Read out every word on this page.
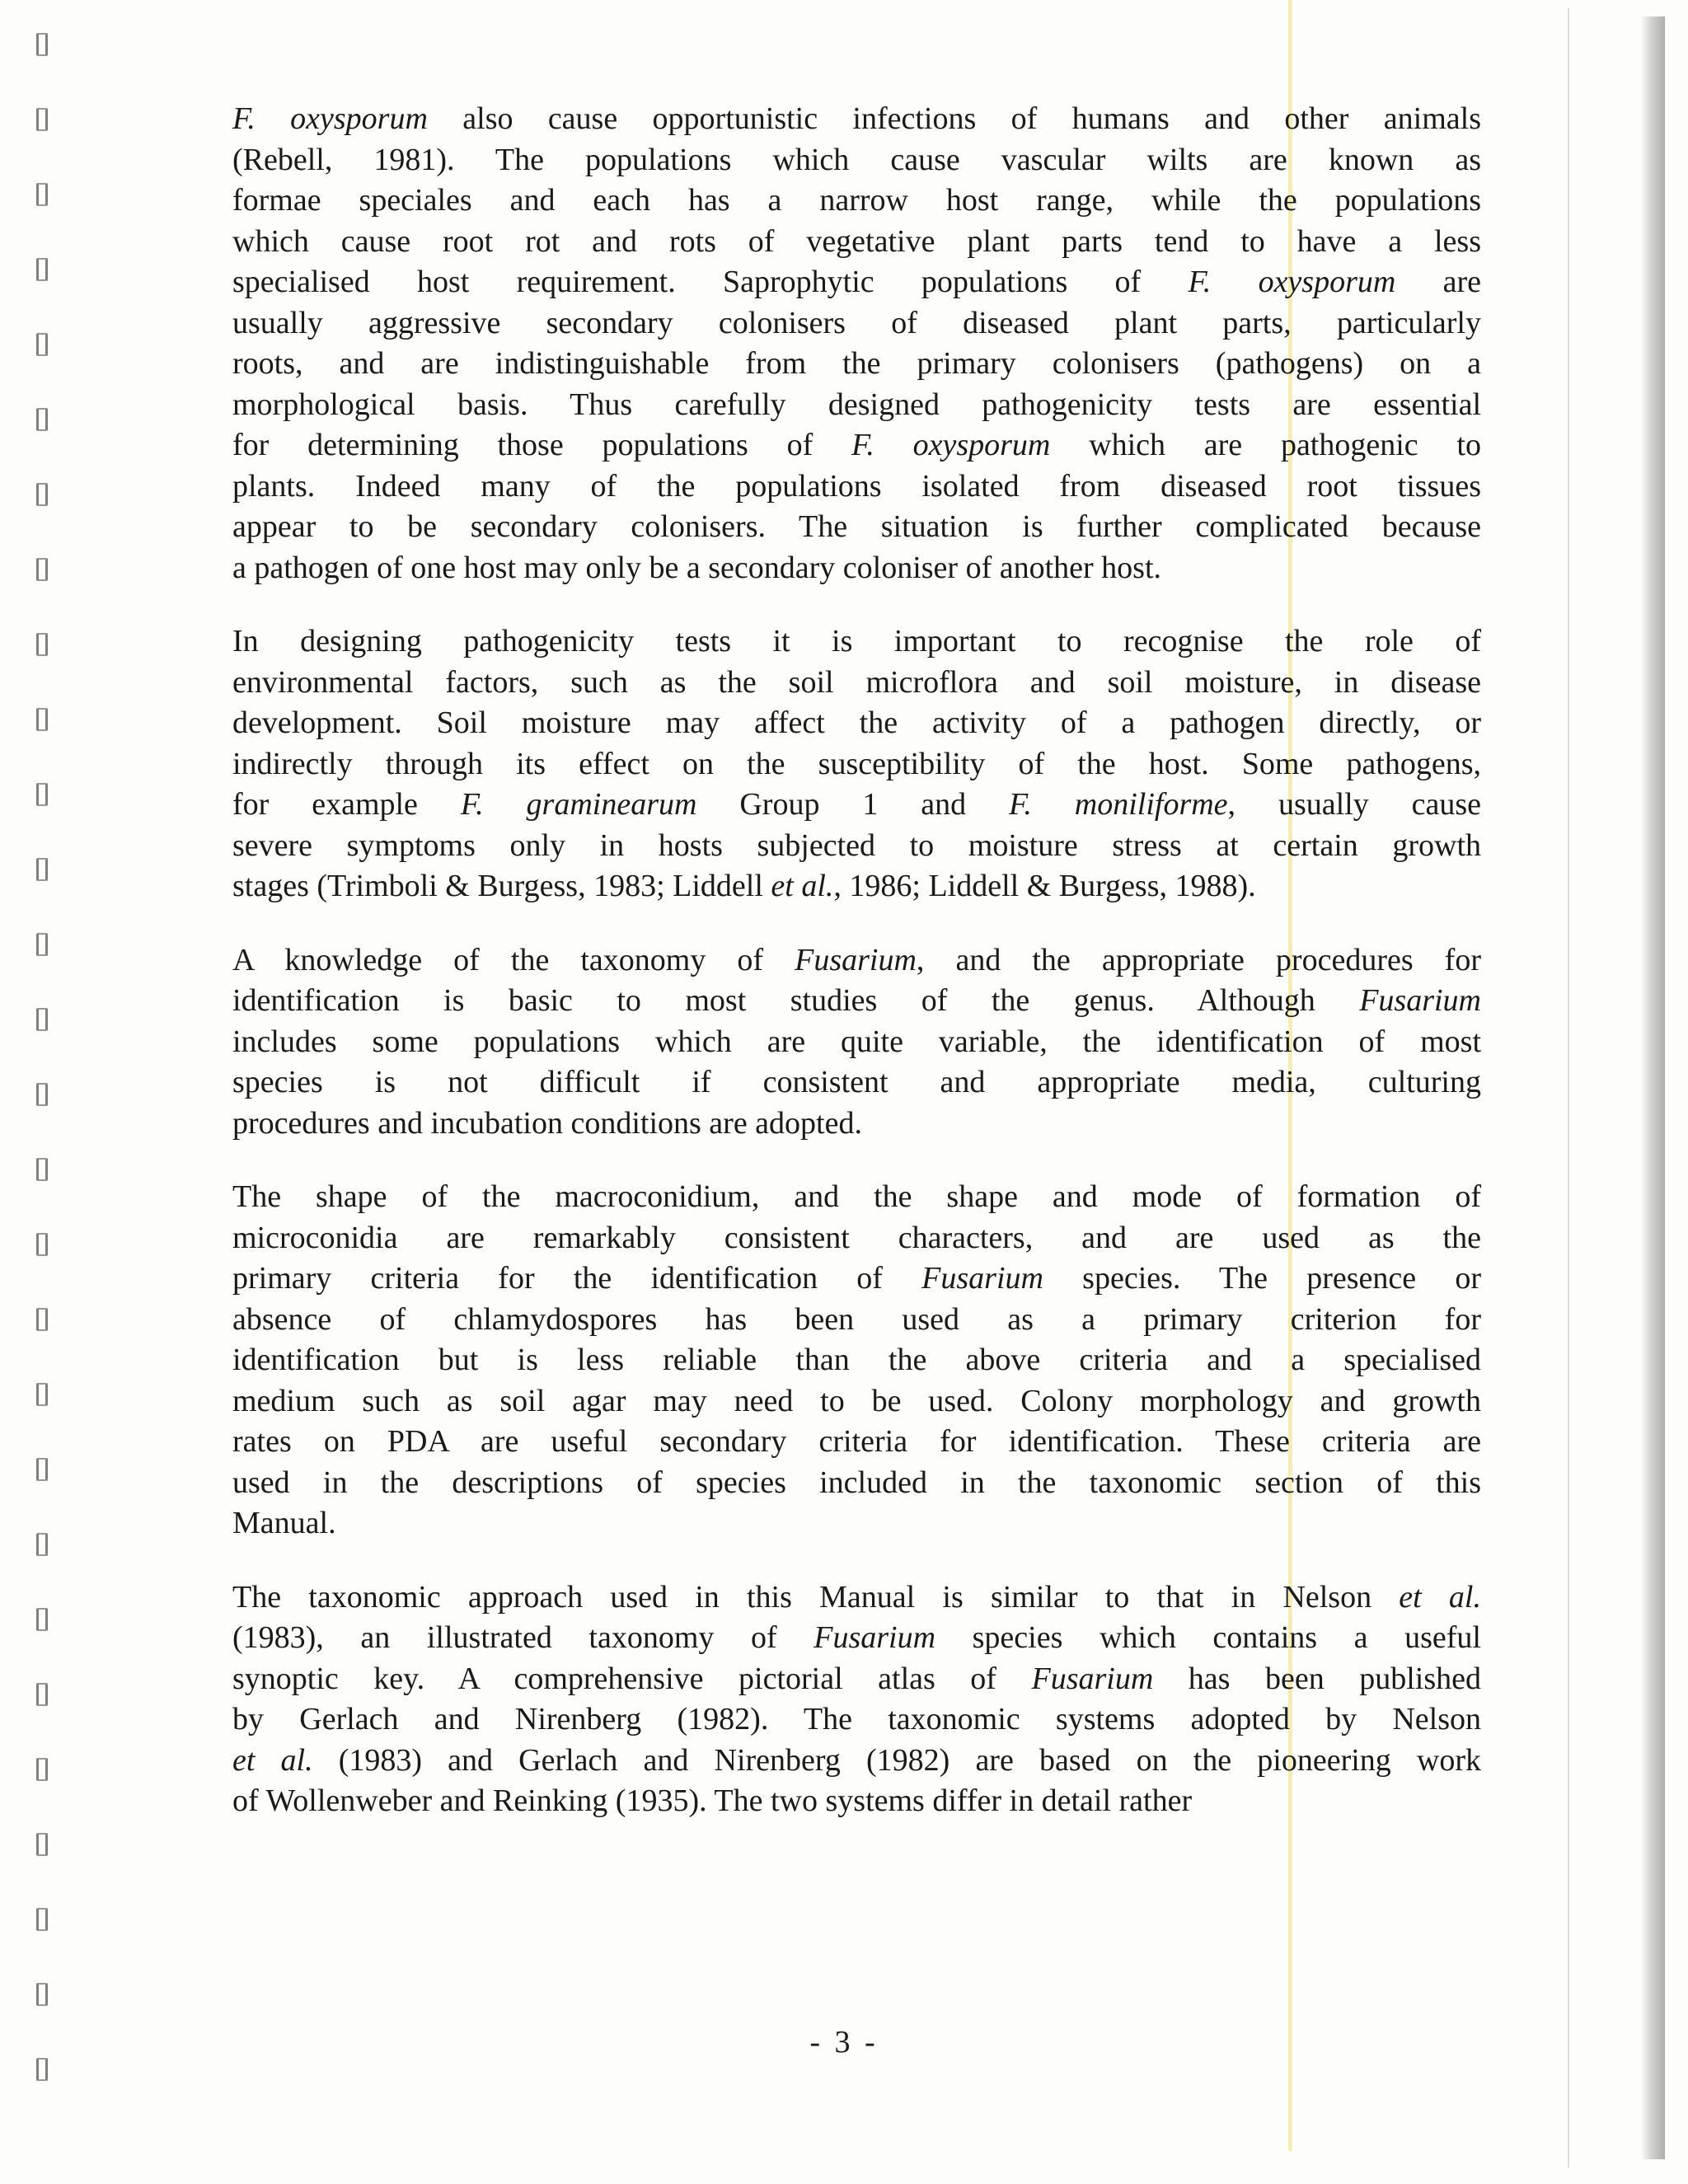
F. oxysporum also cause opportunistic infections of humans and other animals
(Rebell, 1981). The populations which cause vascular wilts are known as
formae speciales and each has a narrow host range, while the populations
which cause root rot and rots of vegetative plant parts tend to have a less
specialised host requirement. Saprophytic populations of F. oxysporum are
usually aggressive secondary colonisers of diseased plant parts, particularly
roots, and are indistinguishable from the primary colonisers (pathogens) on a
morphological basis. Thus carefully designed pathogenicity tests are essential
for determining those populations of F. oxysporum which are pathogenic to
plants. Indeed many of the populations isolated from diseased root tissues
appear to be secondary colonisers. The situation is further complicated because
a pathogen of one host may only be a secondary coloniser of another host.
In designing pathogenicity tests it is important to recognise the role of
environmental factors, such as the soil microflora and soil moisture, in disease
development. Soil moisture may affect the activity of a pathogen directly, or
indirectly through its effect on the susceptibility of the host. Some pathogens,
for example F. graminearum Group 1 and F. moniliforme, usually cause
severe symptoms only in hosts subjected to moisture stress at certain growth
stages (Trimboli & Burgess, 1983; Liddell et al., 1986; Liddell & Burgess, 1988).
A knowledge of the taxonomy of Fusarium, and the appropriate procedures for
identification is basic to most studies of the genus. Although Fusarium
includes some populations which are quite variable, the identification of most
species is not difficult if consistent and appropriate media, culturing
procedures and incubation conditions are adopted.
The shape of the macroconidium, and the shape and mode of formation of
microconidia are remarkably consistent characters, and are used as the
primary criteria for the identification of Fusarium species. The presence or
absence of chlamydospores has been used as a primary criterion for
identification but is less reliable than the above criteria and a specialised
medium such as soil agar may need to be used. Colony morphology and growth
rates on PDA are useful secondary criteria for identification. These criteria are
used in the descriptions of species included in the taxonomic section of this
Manual.
The taxonomic approach used in this Manual is similar to that in Nelson et al.
(1983), an illustrated taxonomy of Fusarium species which contains a useful
synoptic key. A comprehensive pictorial atlas of Fusarium has been published
by Gerlach and Nirenberg (1982). The taxonomic systems adopted by Nelson
et al. (1983) and Gerlach and Nirenberg (1982) are based on the pioneering work
of Wollenweber and Reinking (1935). The two systems differ in detail rather
- 3 -
